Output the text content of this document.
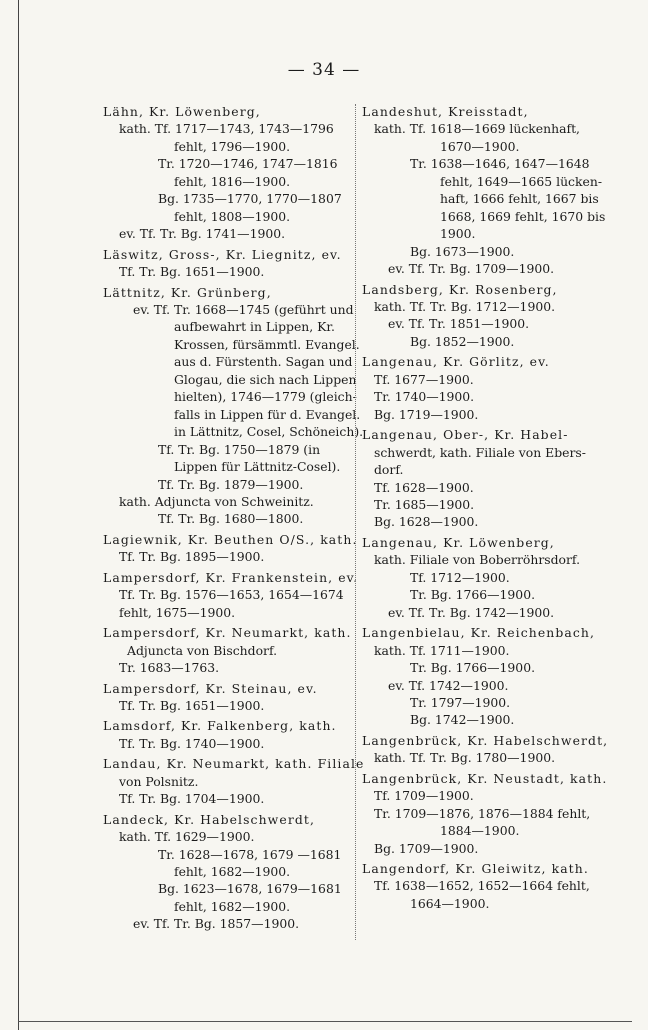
— 34 —
Lähn, Kr. Löwenberg,
kath. Tf. 1717—1743, 1743—1796
fehlt, 1796—1900.
Tr. 1720—1746, 1747—1816
fehlt, 1816—1900.
Bg. 1735—1770, 1770—1807
fehlt, 1808—1900.
ev. Tf. Tr. Bg. 1741—1900.
Läswitz, Gross-, Kr. Liegnitz, ev.
Tf. Tr. Bg. 1651—1900.
Lättnitz, Kr. Grünberg,
ev. Tf. Tr. 1668—1745 (geführt und
aufbewahrt in Lippen, Kr.
Krossen, fürsämmtl. Evangel.
aus d. Fürstenth. Sagan und
Glogau, die sich nach Lippen
hielten), 1746—1779 (gleich-
falls in Lippen für d. Evangel.
in Lättnitz, Cosel, Schöneich).
Tf. Tr. Bg. 1750—1879 (in
Lippen für Lättnitz-Cosel).
Tf. Tr. Bg. 1879—1900.
kath. Adjuncta von Schweinitz.
Tf. Tr. Bg. 1680—1800.
Lagiewnik, Kr. Beuthen O/S., kath.
Tf. Tr. Bg. 1895—1900.
Lampersdorf, Kr. Frankenstein, ev.
Tf. Tr. Bg. 1576—1653, 1654—1674
fehlt, 1675—1900.
Lampersdorf, Kr. Neumarkt, kath.
Adjuncta von Bischdorf.
Tr. 1683—1763.
Lampersdorf, Kr. Steinau, ev.
Tf. Tr. Bg. 1651—1900.
Lamsdorf, Kr. Falkenberg, kath.
Tf. Tr. Bg. 1740—1900.
Landau, Kr. Neumarkt, kath. Filiale
von Polsnitz.
Tf. Tr. Bg. 1704—1900.
Landeck, Kr. Habelschwerdt,
kath. Tf. 1629—1900.
Tr. 1628—1678, 1679 —1681
fehlt, 1682—1900.
Bg. 1623—1678, 1679—1681
fehlt, 1682—1900.
ev. Tf. Tr. Bg. 1857—1900.
Landeshut, Kreisstadt,
kath. Tf. 1618—1669 lückenhaft,
1670—1900.
Tr. 1638—1646, 1647—1648
fehlt, 1649—1665 lücken-
haft, 1666 fehlt, 1667 bis
1668, 1669 fehlt, 1670 bis
1900.
Bg. 1673—1900.
ev. Tf. Tr. Bg. 1709—1900.
Landsberg, Kr. Rosenberg,
kath. Tf. Tr. Bg. 1712—1900.
ev. Tf. Tr. 1851—1900.
Bg. 1852—1900.
Langenau, Kr. Görlitz, ev.
Tf. 1677—1900.
Tr. 1740—1900.
Bg. 1719—1900.
Langenau, Ober-, Kr. Habel-
schwerdt, kath. Filiale von Ebers-
dorf.
Tf. 1628—1900.
Tr. 1685—1900.
Bg. 1628—1900.
Langenau, Kr. Löwenberg,
kath. Filiale von Boberröhrsdorf.
Tf. 1712—1900.
Tr. Bg. 1766—1900.
ev. Tf. Tr. Bg. 1742—1900.
Langenbielau, Kr. Reichenbach,
kath. Tf. 1711—1900.
Tr. Bg. 1766—1900.
ev. Tf. 1742—1900.
Tr. 1797—1900.
Bg. 1742—1900.
Langenbrück, Kr. Habelschwerdt,
kath. Tf. Tr. Bg. 1780—1900.
Langenbrück, Kr. Neustadt, kath.
Tf. 1709—1900.
Tr. 1709—1876, 1876—1884 fehlt,
1884—1900.
Bg. 1709—1900.
Langendorf, Kr. Gleiwitz, kath.
Tf. 1638—1652, 1652—1664 fehlt,
1664—1900.
